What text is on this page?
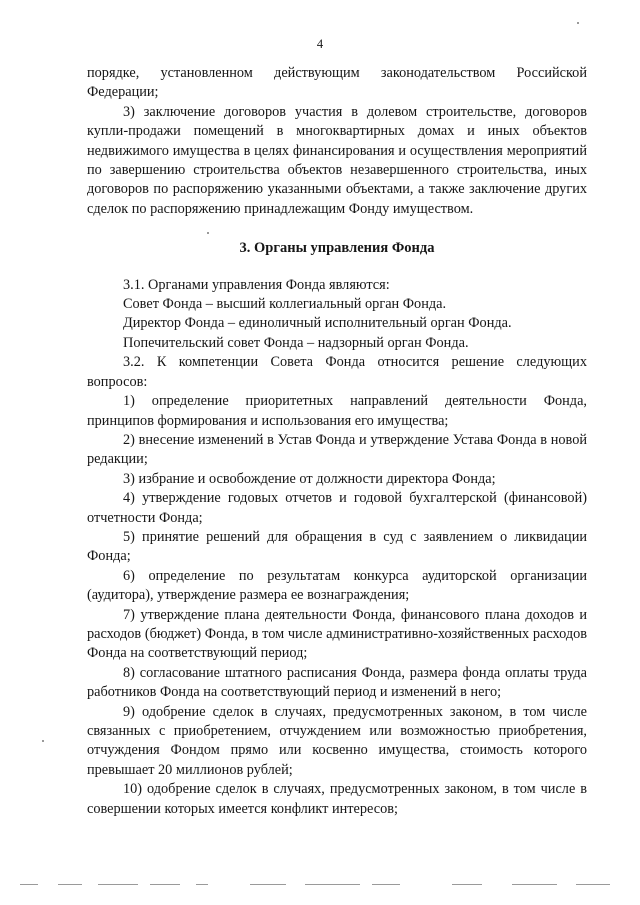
4

порядке, установленном действующим законодательством Российской Федерации;

3) заключение договоров участия в долевом строительстве, договоров купли-продажи помещений в многоквартирных домах и иных объектов недвижимого имущества в целях финансирования и осуществления мероприятий по завершению строительства объектов незавершенного строительства, иных договоров по распоряжению указанными объектами, а также заключение других сделок по распоряжению принадлежащим Фонду имуществом.

3. Органы управления Фонда

3.1. Органами управления Фонда являются:

Совет Фонда – высший коллегиальный орган Фонда.

Директор Фонда – единоличный исполнительный орган Фонда.

Попечительский совет Фонда – надзорный орган Фонда.

3.2. К компетенции Совета Фонда относится решение следующих вопросов:

1) определение приоритетных направлений деятельности Фонда, принципов формирования и использования его имущества;

2) внесение изменений в Устав Фонда и утверждение Устава Фонда в новой редакции;

3) избрание и освобождение от должности директора Фонда;

4) утверждение годовых отчетов и годовой бухгалтерской (финансовой) отчетности Фонда;

5) принятие решений для обращения в суд с заявлением о ликвидации Фонда;

6) определение по результатам конкурса аудиторской организации (аудитора), утверждение размера ее вознаграждения;

7) утверждение плана деятельности Фонда, финансового плана доходов и расходов (бюджет) Фонда, в том числе административно-хозяйственных расходов Фонда на соответствующий период;

8) согласование штатного расписания Фонда, размера фонда оплаты труда работников Фонда на соответствующий период и изменений в него;

9) одобрение сделок в случаях, предусмотренных законом, в том числе связанных с приобретением, отчуждением или возможностью приобретения, отчуждения Фондом прямо или косвенно имущества, стоимость которого превышает 20 миллионов рублей;

10) одобрение сделок в случаях, предусмотренных законом, в том числе в совершении которых имеется конфликт интересов;
